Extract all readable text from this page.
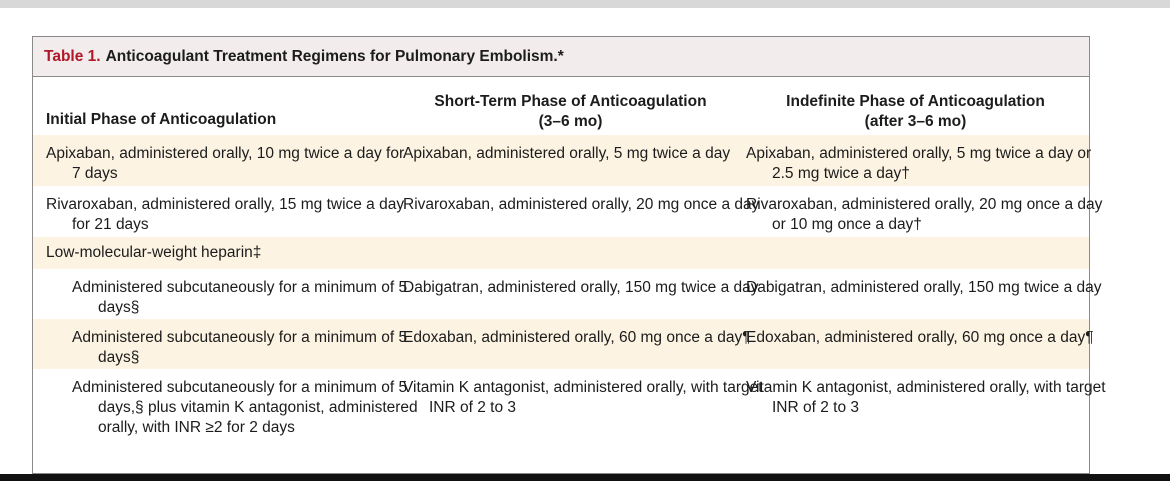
Table 1. Anticoagulant Treatment Regimens for Pulmonary Embolism.*
Initial Phase of Anticoagulation
Short-Term Phase of Anticoagulation
(3–6 mo)
Indefinite Phase of Anticoagulation
(after 3–6 mo)
Apixaban, administered orally, 10 mg twice a day for 7 days
Apixaban, administered orally, 5 mg twice a day	Apixaban, administered orally, 5 mg twice a day or 2.5 mg twice a day†
Rivaroxaban, administered orally, 15 mg twice a day for 21 days
Rivaroxaban, administered orally, 20 mg once a day
Rivaroxaban, administered orally, 20 mg once a day or 10 mg once a day†
Low-molecular-weight heparin‡
Administered subcutaneously for a minimum of 5 days§
Dabigatran, administered orally, 150 mg twice a day
Dabigatran, administered orally, 150 mg twice a day
Administered subcutaneously for a minimum of 5 days§
Edoxaban, administered orally, 60 mg once a day¶
Edoxaban, administered orally, 60 mg once a day¶
Administered subcutaneously for a minimum of 5 days,§ plus vitamin K antagonist, administered orally, with INR ≥2 for 2 days
Vitamin K antagonist, administered orally, with target INR of 2 to 3
Vitamin K antagonist, administered orally, with target INR of 2 to 3
